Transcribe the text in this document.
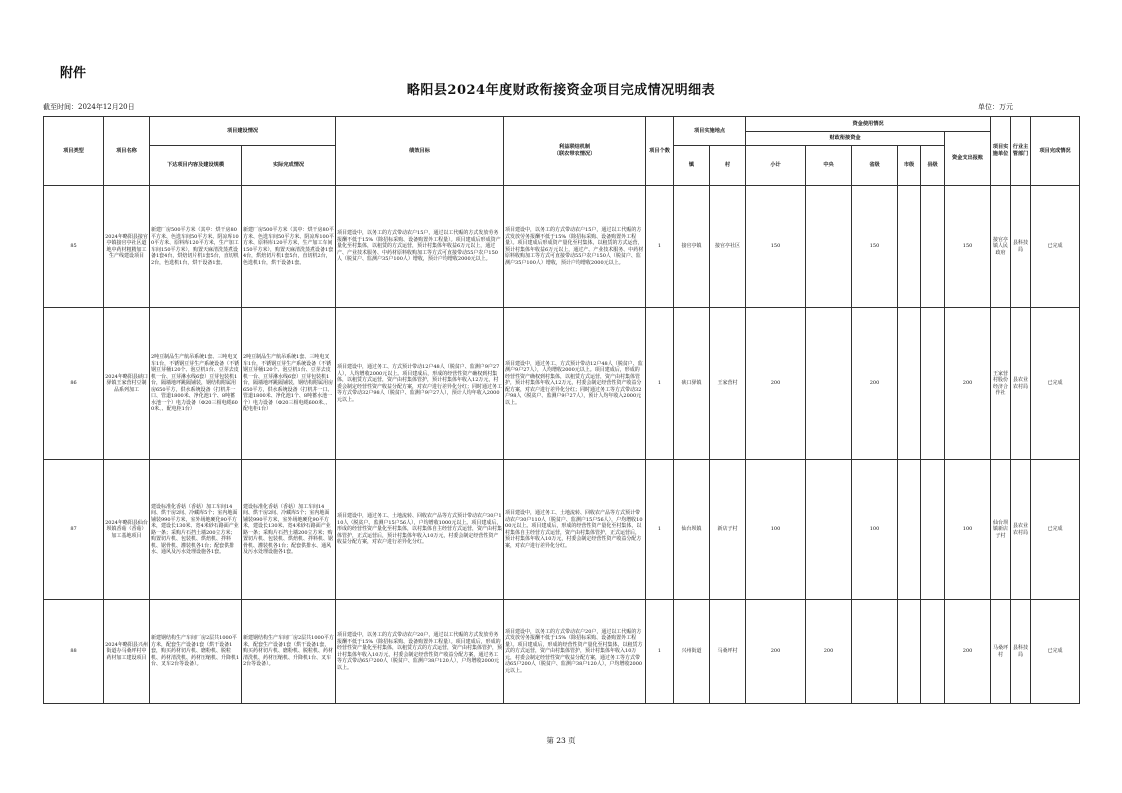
附件
略阳县2024年度财政衔接资金项目完成情况明细表
截至时间：2024年12月20日	单位：万元
项目类型	项目名称	项目建设情况		绩效目标	利益联结机制
（联农带农情况）	项目个数	项目实施地点		资金使用情况						项目实施单位	行业主管部门	项目完成情况
									财政衔接资金					资金支出报账			
		下达项目内容及建设规模	实际完成情况				镇	村	小计	中央	省级	市级	县级				
85	2024年略阳县接官亭镇接官亭社区道地中药材粗精加工生产线建设项目	新建厂房500平方米（其中：烘干房80平方米、色选车间50平方米、阴凉库100平方米、原料库120平方米，生产加工车间150平方米），购置天麻清洗蒸煮设备1套4台，烘焙切片机1套5台，直切机2台，色选机1台，烘干设备1套。	新建厂房500平方米（其中：烘干房80平方米、色选车间50平方米、阴凉库100平方米、原料库120平方米，生产加工车间150平方米），购置天麻清洗蒸煮设备1套4台，烘焙切片机1套5台，直切机2台，色选机1台，烘干设备1套。	项目建设中，以务工的方式带动农户15户，通过以工代赈的方式发放劳务报酬不低于15%（除招标采购、设备购置外工程量）。项目建成后形成资产量化至村集体，以租赁的方式运营，预计村集体年收益6万元以上，通过产、产业技术服务、中药材原料收购加工等方式可直接带动55户农户150人（脱贫户、监测户35户100人）增收，预计户均增收2000元以上。	项目建设中，以务工的方式带动农户15户，通过以工代赈的方式发放劳务报酬不低于15%（除招标采购、设备购置外工程量）。项目建成后形成资产量化至村集体，以租赁的方式运营，预计村集体年收益6万元以上，通过产、产业技术服务、中药材原料收购加工等方式可直接带动55户农户150人（脱贫户、监测户35户100人）增收，预计户均增收2000元以上。	1	接官亭镇	接官亭社区	150		150			150	接官亭镇人民政府	县科技局	已完成
86	2024年略阳县硖口驿镇王家营村豆制品系列加工	2吨豆制品生产航吊系统1套、三吨电叉车1台，不锈钢豆芽生产系统设备（不锈钢豆芽桶120个、泡豆机1台、豆芽去皮机一台、豆芽淋水线6套）豆芽包装机1台，隔墙地坪跳隔铺装，钢结构附属用房650平方，供水系统设备（打机井一口、管道1800米、净化池1个、8吨蓄水池一个）电力设备（Φ20三相电缆600米、、配电柜1台）	2吨豆制品生产航吊系统1套、三吨电叉车1台，不锈钢豆芽生产系统设备（不锈钢豆芽桶120个、泡豆机1台、豆芽去皮机一台、豆芽淋水线6套）豆芽包装机1台，隔墙地坪跳隔铺装，钢结构附属用房650平方，供水系统设备（打机井一口、管道1800米、净化池1个、8吨蓄水池一个）电力设备（Φ20三相电缆600米、、配电柜1台）	项目建设中，通过务工、方式预计带动12户48人（脱贫户、监测户9户27人），人均增收2000元以上。项目建成后，形成的经营性资产确权到村集体，以租赁方式运营，资产由村集体管护，预计村集体年收入12万元，村委会制定经营性资产收益分配方案，对农户进行差异化分红；同时通过务工等方式带动32户98人（脱贫户、监测户9户27人），预计人均年收入2000元以上。	项目建设中，通过务工、方式预计带动12户48人（脱贫户、监测户9户27人），人均增收2000元以上。项目建成后，形成的经营性资产确权到村集体，以租赁方式运营，资产由村集体管护，预计村集体年收入12万元，村委会制定经营性资产收益分配方案，对农户进行差异化分红；同时通过务工等方式带动32户98人（脱贫户、监测户9户27人），预计人均年收入2000元以上。	1	硖口驿镇	王家营村	200		200			200	王家营村股份经济合作社	县农业农村局	已完成
87	2024年略阳县仙台坝镇香菇（香菇）加工基地项目	建设标准化香菇（香菇）加工车间14间、烘干房2间、冷藏库5个；室内地面铺装990平方米，室外场地硬化90平方米，建设长130米、宽4米砂石路面产业路一条；采购片石挡土墙200立方米；购置切片机、包装机、烘焙机、拌料机、锯骨机、灌装机各1台；配套供排水、通风及污水处理设施各1套。	建设标准化香菇（香菇）加工车间14间、烘干房2间、冷藏库5个；室内地面铺装990平方米，室外场地硬化90平方米，建设长130米、宽4米砂石路面产业路一条；采购片石挡土墙200立方米；购置切片机、包装机、烘焙机、拌料机、锯骨机、灌装机各1台；配套供排水、通风及污水处理设施各1套。	项目建设中，通过务工、土地流转、回收农产品等方式预计带动农户30户110人（脱贫户、监测户15户56人），户均增收1000元以上。项目建成后，形成的经营性资产量化至村集体，以村集体自主经营方式运营，资产由村集体管护，正式运营后，预计村集体年收入10万元，村委会制定经营性资产收益分配方案，对农户进行差异化分红。	项目建设中，通过务工、土地流转、回收农产品等方式预计带动农户30户110人（脱贫户、监测户15户56人），户均增收1000元以上。项目建成后，形成的经营性资产量化至村集体，以村集体自主经营方式运营，资产由村集体管护，正式运营后，预计村集体年收入10万元，村委会制定经营性资产收益分配方案，对农户进行差异化分红。	1	仙台坝镇	新店子村	100		100			100	仙台坝镇新店子村	县农业农村局	已完成
88	2024年略阳县兴州街道办马桑坪村中药材加工建设项目	新建钢结构生产车间厂房2层共1000平方米，配套生产设备1套（烘干设备1套，购买药材切片机、磨粉机、脱粒机、药材清洗机、药材压缩机、升降机1台、叉车2台等设备）。	新建钢结构生产车间厂房2层共1000平方米，配套生产设备1套（烘干设备1套，购买药材切片机、磨粉机、脱粒机、药材清洗机、药材压缩机、升降机1台、叉车2台等设备）。	项目建设中，以务工的方式带动农户20户，通过以工代赈的方式发放劳务报酬不低于15%（除招标采购、设备购置外工程量）。项目建成后，形成的经营性资产量化至村集体，以租赁方式的方式运营，资产由村集体管护，预计村集体年收入10万元，村委会制定经营性资产收益分配方案，通过务工等方式带动65户200人（脱贫户、监测户38户120人），户均增收2000元以上。	项目建设中，以务工的方式带动农户20户，通过以工代赈的方式发放劳务报酬不低于15%（除招标采购、设备购置外工程量）。项目建成后，形成的经营性资产量化至村集体，以租赁方式的方式运营，资产由村集体管护，预计村集体年收入10万元，村委会制定经营性资产收益分配方案，通过务工等方式带动65户200人（脱贫户、监测户38户120人），户均增收2000元以上。	1	兴州街道	马桑坪村	200	200				200	马桑坪村	县科技局	已完成
第 23 页
